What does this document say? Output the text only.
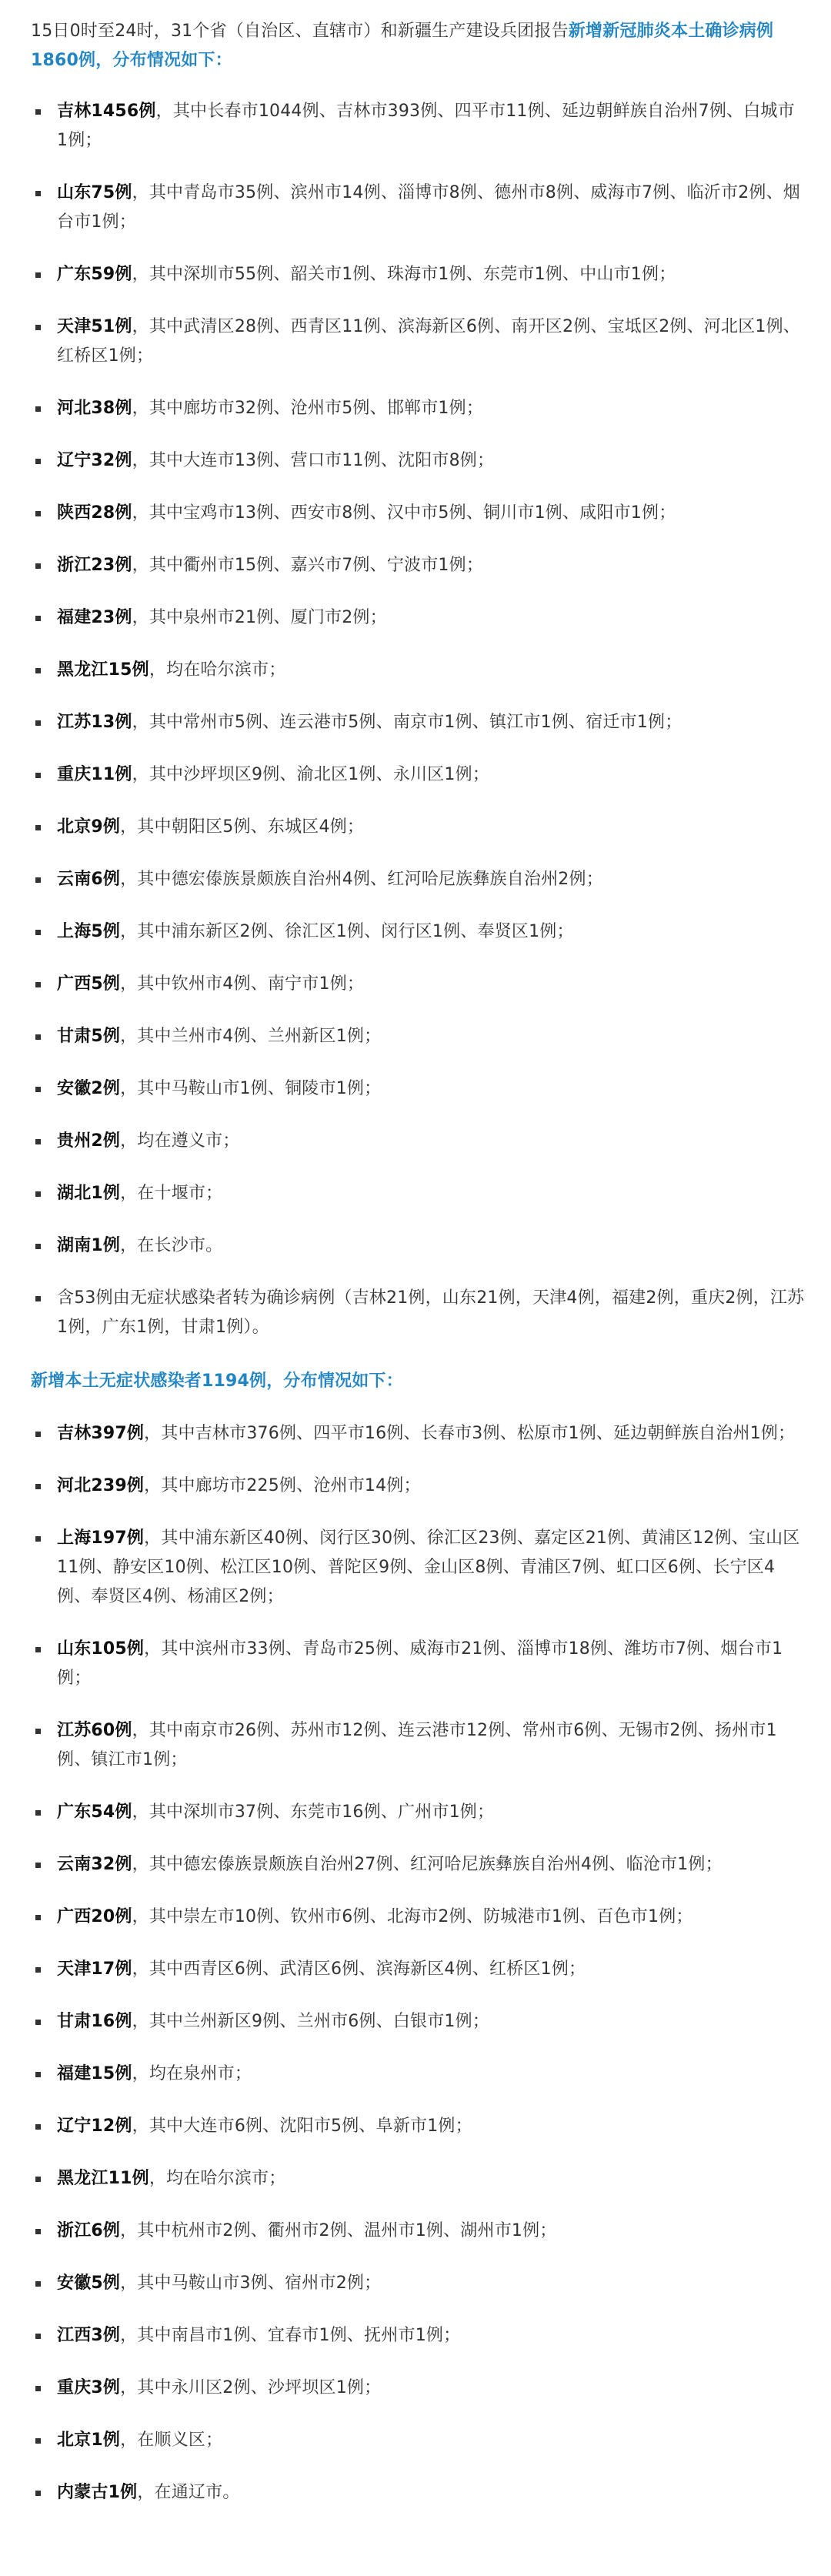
15日0时至24时，31个省（自治区、直辖市）和新疆生产建设兵团报告新增新冠肺炎本土确诊病例1860例，分布情况如下：

吉林1456例，其中长春市1044例、吉林市393例、四平市11例、延边朝鲜族自治州7例、白城市1例；
山东75例，其中青岛市35例、滨州市14例、淄博市8例、德州市8例、威海市7例、临沂市2例、烟台市1例；
广东59例，其中深圳市55例、韶关市1例、珠海市1例、东莞市1例、中山市1例；
天津51例，其中武清区28例、西青区11例、滨海新区6例、南开区2例、宝坻区2例、河北区1例、红桥区1例；
河北38例，其中廊坊市32例、沧州市5例、邯郸市1例；
辽宁32例，其中大连市13例、营口市11例、沈阳市8例；
陕西28例，其中宝鸡市13例、西安市8例、汉中市5例、铜川市1例、咸阳市1例；
浙江23例，其中衢州市15例、嘉兴市7例、宁波市1例；
福建23例，其中泉州市21例、厦门市2例；
黑龙江15例，均在哈尔滨市；
江苏13例，其中常州市5例、连云港市5例、南京市1例、镇江市1例、宿迁市1例；
重庆11例，其中沙坪坝区9例、渝北区1例、永川区1例；
北京9例，其中朝阳区5例、东城区4例；
云南6例，其中德宏傣族景颇族自治州4例、红河哈尼族彝族自治州2例；
上海5例，其中浦东新区2例、徐汇区1例、闵行区1例、奉贤区1例；
广西5例，其中钦州市4例、南宁市1例；
甘肃5例，其中兰州市4例、兰州新区1例；
安徽2例，其中马鞍山市1例、铜陵市1例；
贵州2例，均在遵义市；
湖北1例，在十堰市；
湖南1例，在长沙市。
含53例由无症状感染者转为确诊病例（吉林21例，山东21例，天津4例，福建2例，重庆2例，江苏1例，广东1例，甘肃1例）。

新增本土无症状感染者1194例，分布情况如下：

吉林397例，其中吉林市376例、四平市16例、长春市3例、松原市1例、延边朝鲜族自治州1例；
河北239例，其中廊坊市225例、沧州市14例；
上海197例，其中浦东新区40例、闵行区30例、徐汇区23例、嘉定区21例、黄浦区12例、宝山区11例、静安区10例、松江区10例、普陀区9例、金山区8例、青浦区7例、虹口区6例、长宁区4例、奉贤区4例、杨浦区2例；
山东105例，其中滨州市33例、青岛市25例、威海市21例、淄博市18例、潍坊市7例、烟台市1例；
江苏60例，其中南京市26例、苏州市12例、连云港市12例、常州市6例、无锡市2例、扬州市1例、镇江市1例；
广东54例，其中深圳市37例、东莞市16例、广州市1例；
云南32例，其中德宏傣族景颇族自治州27例、红河哈尼族彝族自治州4例、临沧市1例；
广西20例，其中崇左市10例、钦州市6例、北海市2例、防城港市1例、百色市1例；
天津17例，其中西青区6例、武清区6例、滨海新区4例、红桥区1例；
甘肃16例，其中兰州新区9例、兰州市6例、白银市1例；
福建15例，均在泉州市；
辽宁12例，其中大连市6例、沈阳市5例、阜新市1例；
黑龙江11例，均在哈尔滨市；
浙江6例，其中杭州市2例、衢州市2例、温州市1例、湖州市1例；
安徽5例，其中马鞍山市3例、宿州市2例；
江西3例，其中南昌市1例、宜春市1例、抚州市1例；
重庆3例，其中永川区2例、沙坪坝区1例；
北京1例，在顺义区；
内蒙古1例，在通辽市。
